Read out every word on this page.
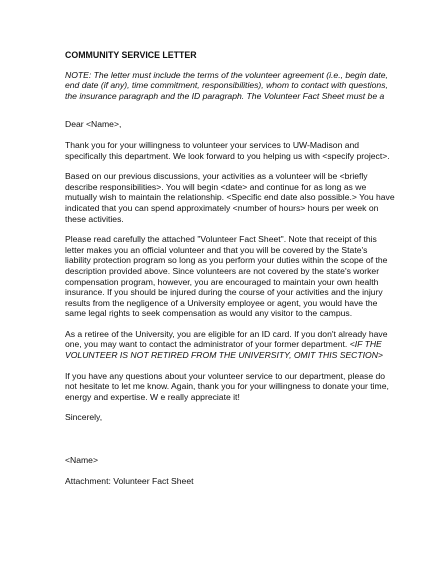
COMMUNITY SERVICE LETTER

NOTE: The letter must include the terms of the volunteer agreement (i.e., begin date, end date (if any), time commitment, responsibilities), whom to contact with questions, the insurance paragraph and the ID paragraph. The Volunteer Fact Sheet must be a

Dear <Name>,

Thank you for your willingness to volunteer your services to UW-Madison and specifically this department. We look forward to you helping us with <specify project>.

Based on our previous discussions, your activities as a volunteer will be <briefly describe responsibilities>. You will begin <date> and continue for as long as we mutually wish to maintain the relationship. <Specific end date also possible.> You have indicated that you can spend approximately <number of hours> hours per week on these activities.

Please read carefully the attached "Volunteer Fact Sheet". Note that receipt of this letter makes you an official volunteer and that you will be covered by the State's liability protection program so long as you perform your duties within the scope of the description provided above. Since volunteers are not covered by the state's worker compensation program, however, you are encouraged to maintain your own health insurance. If you should be injured during the course of your activities and the injury results from the negligence of a University employee or agent, you would have the same legal rights to seek compensation as would any visitor to the campus.

As a retiree of the University, you are eligible for an ID card. If you don't already have one, you may want to contact the administrator of your former department. <IF THE VOLUNTEER IS NOT RETIRED FROM THE UNIVERSITY, OMIT THIS SECTION>

If you have any questions about your volunteer service to our department, please do not hesitate to let me know. Again, thank you for your willingness to donate your time, energy and expertise. W e really appreciate it!

Sincerely,

<Name>

Attachment: Volunteer Fact Sheet
